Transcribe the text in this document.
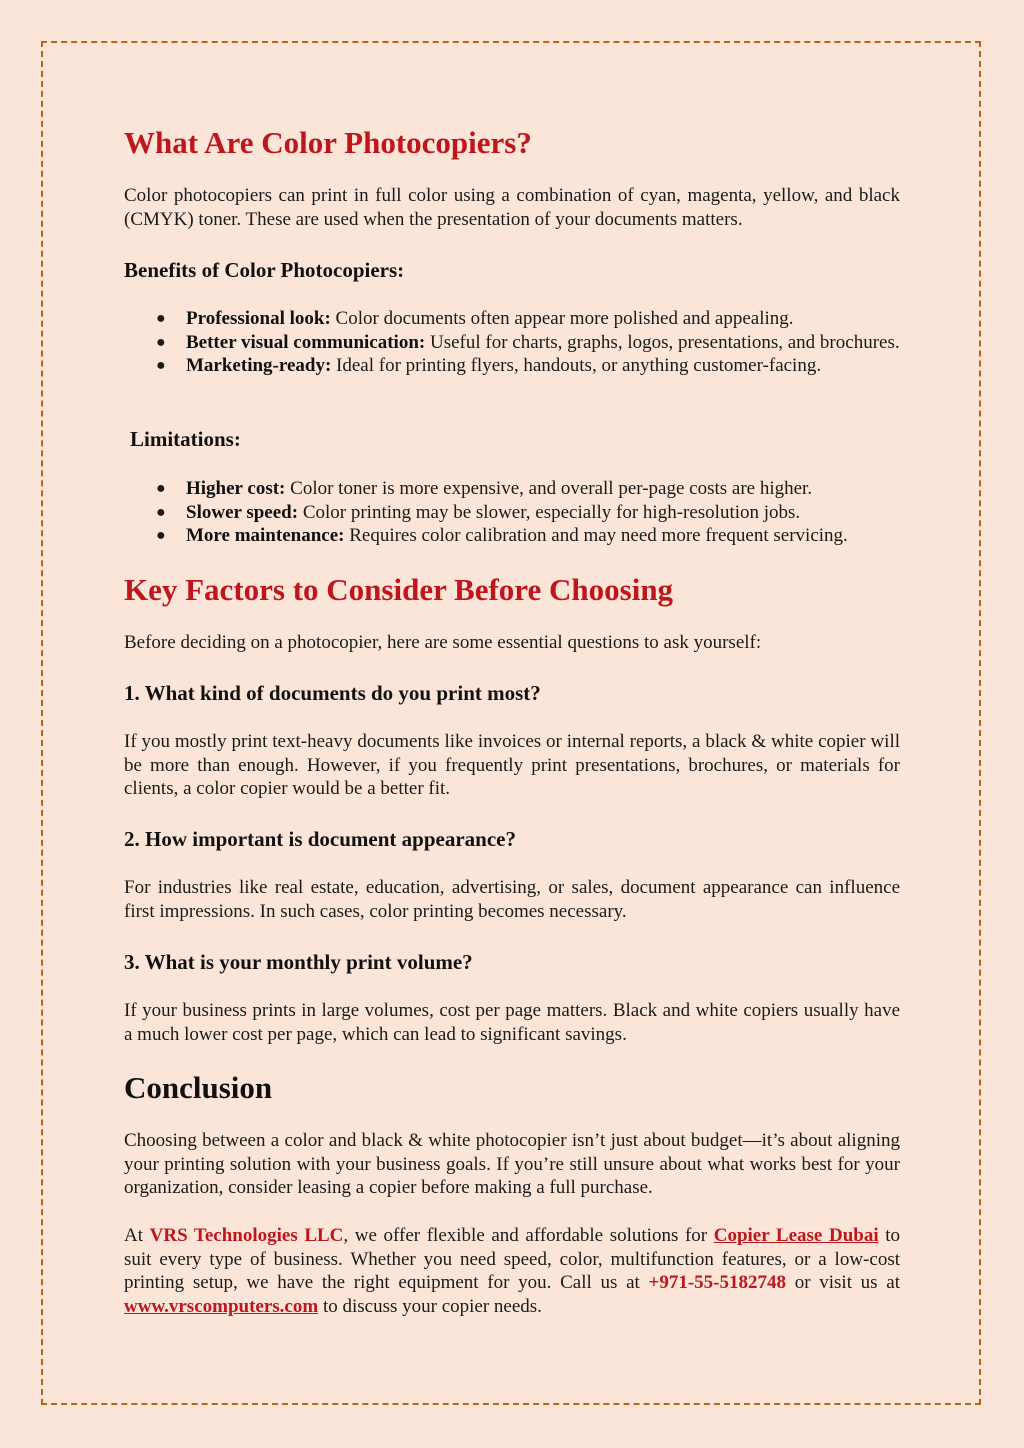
What Are Color Photocopiers?

Color photocopiers can print in full color using a combination of cyan, magenta, yellow, and black (CMYK) toner. These are used when the presentation of your documents matters.

Benefits of Color Photocopiers:
● Professional look: Color documents often appear more polished and appealing.
● Better visual communication: Useful for charts, graphs, logos, presentations, and brochures.
● Marketing-ready: Ideal for printing flyers, handouts, or anything customer-facing.
Limitations:
● Higher cost: Color toner is more expensive, and overall per-page costs are higher.
● Slower speed: Color printing may be slower, especially for high-resolution jobs.
● More maintenance: Requires color calibration and may need more frequent servicing.
Key Factors to Consider Before Choosing

Before deciding on a photocopier, here are some essential questions to ask yourself:

1. What kind of documents do you print most?

If you mostly print text-heavy documents like invoices or internal reports, a black & white copier will be more than enough. However, if you frequently print presentations, brochures, or materials for clients, a color copier would be a better fit.

2. How important is document appearance?

For industries like real estate, education, advertising, or sales, document appearance can influence first impressions. In such cases, color printing becomes necessary.

3. What is your monthly print volume?

If your business prints in large volumes, cost per page matters. Black and white copiers usually have a much lower cost per page, which can lead to significant savings.

Conclusion

Choosing between a color and black & white photocopier isn’t just about budget—it’s about aligning your printing solution with your business goals. If you’re still unsure about what works best for your organization, consider leasing a copier before making a full purchase.

At VRS Technologies LLC, we offer flexible and affordable solutions for Copier Lease Dubai to suit every type of business. Whether you need speed, color, multifunction features, or a low-cost printing setup, we have the right equipment for you. Call us at +971-55-5182748 or visit us at www.vrscomputers.com to discuss your copier needs.
